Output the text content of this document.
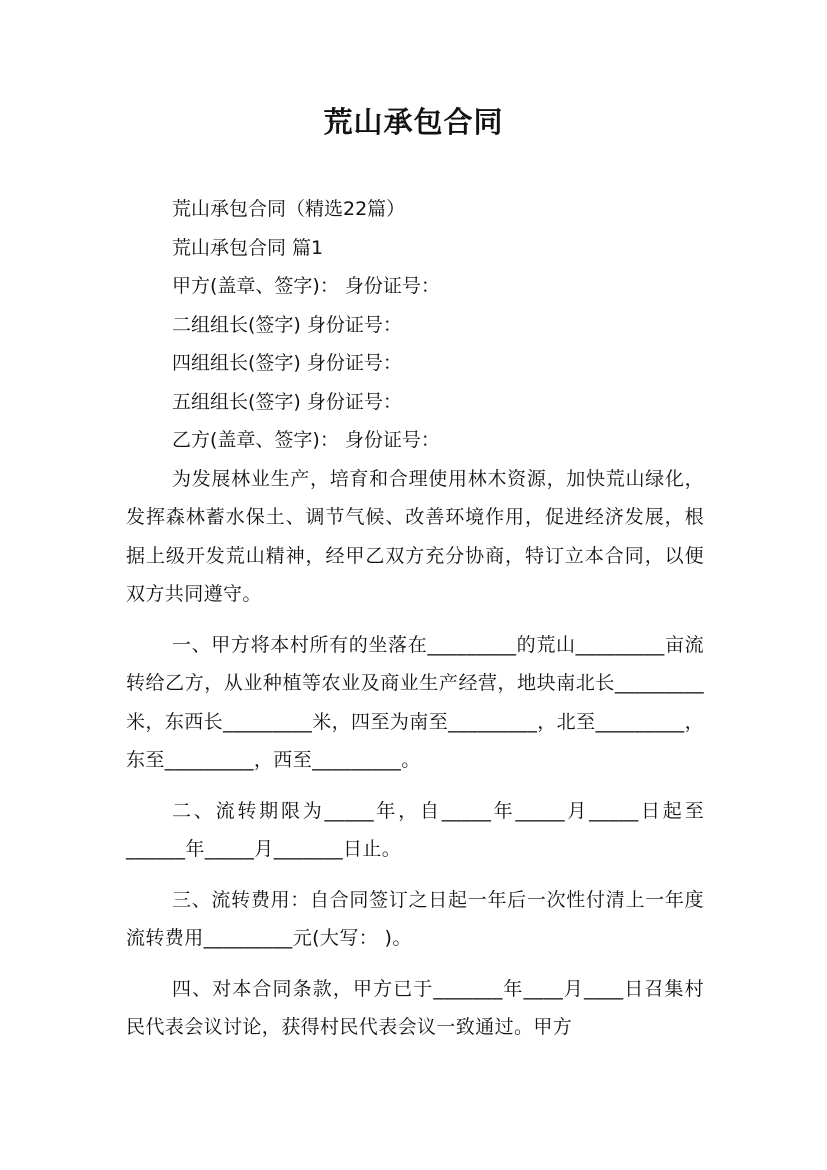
荒山承包合同
荒山承包合同（精选22篇）
荒山承包合同 篇1
甲方(盖章、签字)： 身份证号：
二组组长(签字) 身份证号：
四组组长(签字) 身份证号：
五组组长(签字) 身份证号：
乙方(盖章、签字)： 身份证号：

为发展林业生产，培育和合理使用林木资源，加快荒山绿化，发挥森林蓄水保土、调节气候、改善环境作用，促进经济发展，根据上级开发荒山精神，经甲乙双方充分协商，特订立本合同，以便双方共同遵守。

一、甲方将本村所有的坐落在_________的荒山_________亩流转给乙方，从业种植等农业及商业生产经营，地块南北长_________米，东西长_________米，四至为南至_________，北至_________，东至_________，西至_________。

二、流转期限为_____年，自_____年_____月_____日起至______年_____月_______日止。

三、流转费用：自合同签订之日起一年后一次性付清上一年度流转费用_________元(大写： )。

四、对本合同条款，甲方已于_______年____月____日召集村民代表会议讨论，获得村民代表会议一致通过。甲方
